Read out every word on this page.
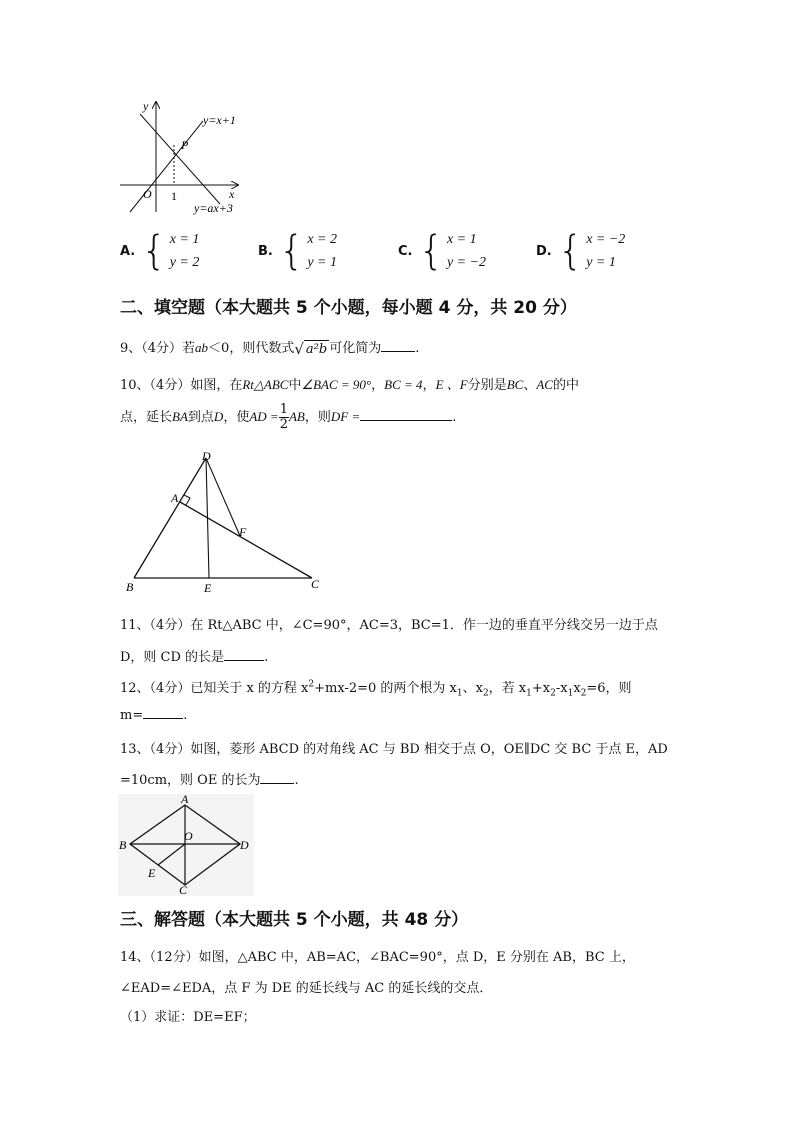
y
x
O 1
P
y=x+1
y=ax+3
A. { x = 1
y = 2
B. { x = 2
y = 1
C. { x = 1
y = −2
D. { x = −2
y = 1
二、填空题（本大题共 5 个小题，每小题 4 分，共 20 分）
9、（4分）若ab＜0，则代数式 √ a²b 可化简为	.
10、（4分）如图，在Rt△ABC中∠BAC = 90°，BC = 4，E 、F分别是BC、AC的中
点，延长BA到点D，使AD = $\frac{1}{2}$ AB，则DF =	.
D
A
F
B	E	C
11、（4分）在 Rt△ABC 中，∠C=90°，AC=3，BC=1．作一边的垂直平分线交另一边于点
D，则 CD 的长是	.
12、（4分）已知关于 x 的方程 $x^2+mx-2=0$ 的两个根为 $x_1$、$x_2$，若 $x_1+x_2-x_1x_2=6$，则
m=	.
13、（4分）如图，菱形 ABCD 的对角线 AC 与 BD 相交于点 O，OE∥DC 交 BC 于点 E，AD
=10cm，则 OE 的长为	.
A
B
O
D
E
C
三、解答题（本大题共 5 个小题，共 48 分）
14、（12分）如图，△ABC 中，AB=AC，∠BAC=90°，点 D，E 分别在 AB，BC 上，
∠EAD=∠EDA，点 F 为 DE 的延长线与 AC 的延长线的交点．
（1）求证：DE=EF；
